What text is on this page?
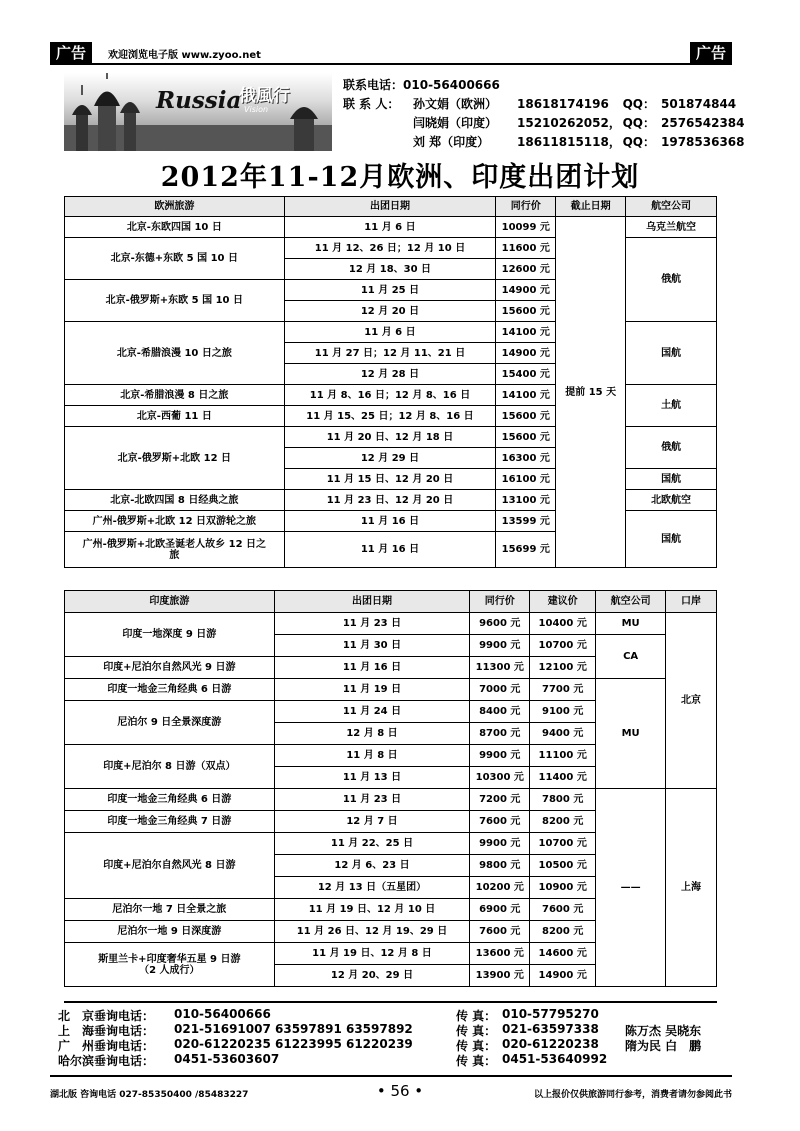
广告	欢迎浏览电子版 www.zyoo.net	广告
Russia
俄風行
Vision
联系电话：010-56400666
联 系 人： 孙文娟（欧洲） 18618174196 QQ： 501874844
闫晓娟（印度） 15210262052， QQ： 2576542384
刘 郑（印度） 18611815118， QQ： 1978536368
2012年11-12月欧洲、印度出团计划
欧洲旅游	出团日期	同行价	截止日期	航空公司
北京-东欧四国 10 日	11 月 6 日	10099 元	提前 15 天	乌克兰航空
北京-东德+东欧 5 国 10 日	11 月 12、26 日；12 月 10 日	11600 元		俄航
	12 月 18、30 日	12600 元		
北京-俄罗斯+东欧 5 国 10 日	11 月 25 日	14900 元		
	12 月 20 日	15600 元		
北京-希腊浪漫 10 日之旅	11 月 6 日	14100 元		国航
	11 月 27 日；12 月 11、21 日	14900 元		
	12 月 28 日	15400 元		
北京-希腊浪漫 8 日之旅	11 月 8、16 日；12 月 8、16 日	14100 元		土航
北京-西葡 11 日	11 月 15、25 日；12 月 8、16 日	15600 元		
北京-俄罗斯+北欧 12 日	11 月 20 日、12 月 18 日	15600 元		俄航
	12 月 29 日	16300 元		
	11 月 15 日、12 月 20 日	16100 元		国航
北京-北欧四国 8 日经典之旅	11 月 23 日、12 月 20 日	13100 元		北欧航空
广州-俄罗斯+北欧 12 日双游轮之旅	11 月 16 日	13599 元		国航
广州-俄罗斯+北欧圣诞老人故乡 12 日之旅	11 月 16 日	15699 元		
印度旅游	出团日期	同行价	建议价	航空公司	口岸
印度一地深度 9 日游	11 月 23 日	9600 元	10400 元	MU	北京
	11 月 30 日	9900 元	10700 元	CA	
印度+尼泊尔自然风光 9 日游	11 月 16 日	11300 元	12100 元		
印度一地金三角经典 6 日游	11 月 19 日	7000 元	7700 元	MU	
尼泊尔 9 日全景深度游	11 月 24 日	8400 元	9100 元		
	12 月 8 日	8700 元	9400 元		
印度+尼泊尔 8 日游（双点）	11 月 8 日	9900 元	11100 元		
	11 月 13 日	10300 元	11400 元		
印度一地金三角经典 6 日游	11 月 23 日	7200 元	7800 元	——	上海
印度一地金三角经典 7 日游	12 月 7 日	7600 元	8200 元		
印度+尼泊尔自然风光 8 日游	11 月 22、25 日	9900 元	10700 元		
	12 月 6、23 日	9800 元	10500 元		
	12 月 13 日（五星团）	10200 元	10900 元		
尼泊尔一地 7 日全景之旅	11 月 19 日、12 月 10 日	6900 元	7600 元		
尼泊尔一地 9 日深度游	11 月 26 日、12 月 19、29 日	7600 元	8200 元		
斯里兰卡+印度奢华五星 9 日游（2 人成行）	11 月 19 日、12 月 8 日	13600 元	14600 元		
	12 月 20、29 日	13900 元	14900 元		
北　京垂询电话： 010-56400666	传 真： 010-57795270
上　海垂询电话： 021-51691007 63597891 63597892	传 真： 021-63597338 陈万杰 吴晓东
广　州垂询电话： 020-61220235 61223995 61220239	传 真： 020-61220238 隋为民 白　鹏
哈尔滨垂询电话： 0451-53603607	传 真： 0451-53640992
湖北版 咨询电话 027-85350400 /85483227	以上报价仅供旅游同行参考，消费者请勿参阅此书
• 56 •
